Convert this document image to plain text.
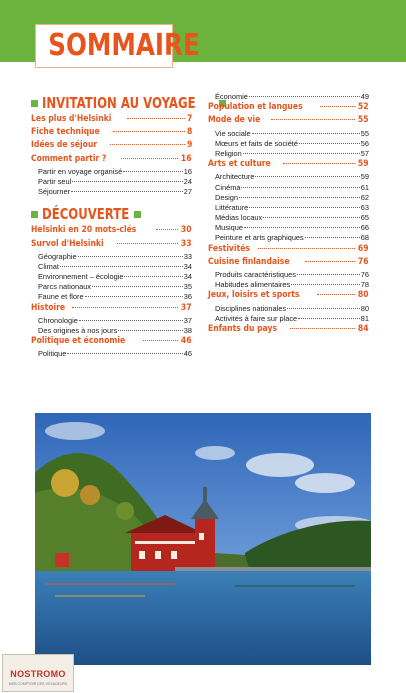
SOMMAIRE
INVITATION AU VOYAGE
Les plus d'Helsinki	7
Fiche technique	8
Idées de séjour	9
Comment partir ?	16
Partir en voyage organisé	16
Partir seul	24
Séjourner	27
DÉCOUVERTE
Helsinki en 20 mots-clés	30
Survol d'Helsinki	33
Géographie	33
Climat	34
Environnement – écologie	34
Parcs nationaux	35
Faune et flore	36
Histoire	37
Chronologie	37
Des origines à nos jours	38
Politique et économie	46
Politique	46
Économie	49
Population et langues	52
Mode de vie	55
Vie sociale	55
Mœurs et faits de société	56
Religion	57
Arts et culture	59
Architecture	59
Cinéma	61
Design	62
Littérature	63
Médias locaux	65
Musique	66
Peinture et arts graphiques	68
Festivités	69
Cuisine finlandaise	76
Produits caractéristiques	76
Habitudes alimentaires	78
Jeux, loisirs et sports	80
Disciplines nationales	80
Activités à faire sur place	81
Enfants du pays	84
NOSTROMO
WEB COMPTOIR DES VOYAGEURS
